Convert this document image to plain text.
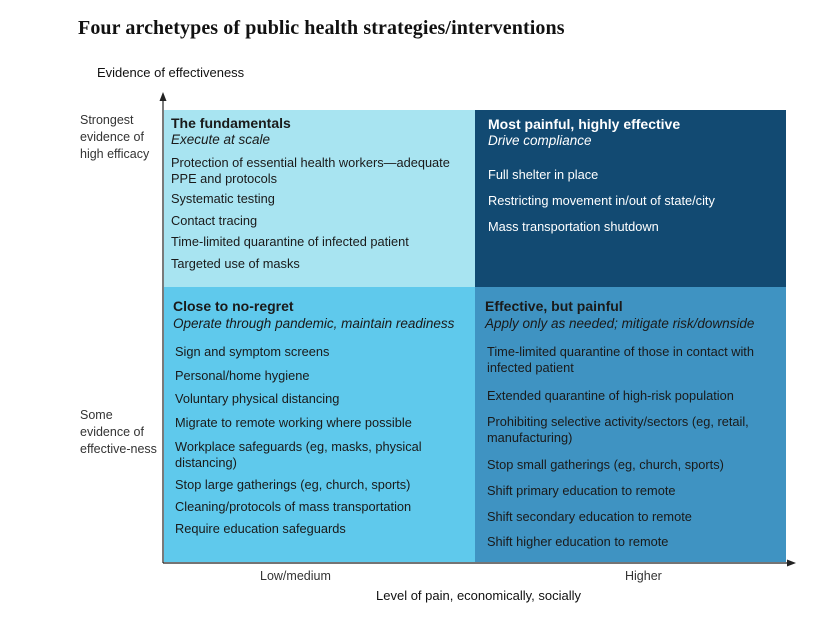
Four archetypes of public health strategies/interventions
Evidence of effectiveness
Strongest evidence of high efficacy
Some evidence of effective-ness
The fundamentals
Execute at scale
Protection of essential health workers—adequate PPE and protocols
Systematic testing
Contact tracing
Time-limited quarantine of infected patient
Targeted use of masks
Most painful, highly effective
Drive compliance
Full shelter in place
Restricting movement in/out of state/city
Mass transportation shutdown
Close to no-regret
Operate through pandemic, maintain readiness
Sign and symptom screens
Personal/home hygiene
Voluntary physical distancing
Migrate to remote working where possible
Workplace safeguards (eg, masks, physical distancing)
Stop large gatherings (eg, church, sports)
Cleaning/protocols of mass transportation
Require education safeguards
Effective, but painful
Apply only as needed; mitigate risk/downside
Time-limited quarantine of those in contact with infected patient
Extended quarantine of high-risk population
Prohibiting selective activity/sectors (eg, retail, manufacturing)
Stop small gatherings (eg, church, sports)
Shift primary education to remote
Shift secondary education to remote
Shift higher education to remote
Low/medium	Higher
Level of pain, economically, socially
